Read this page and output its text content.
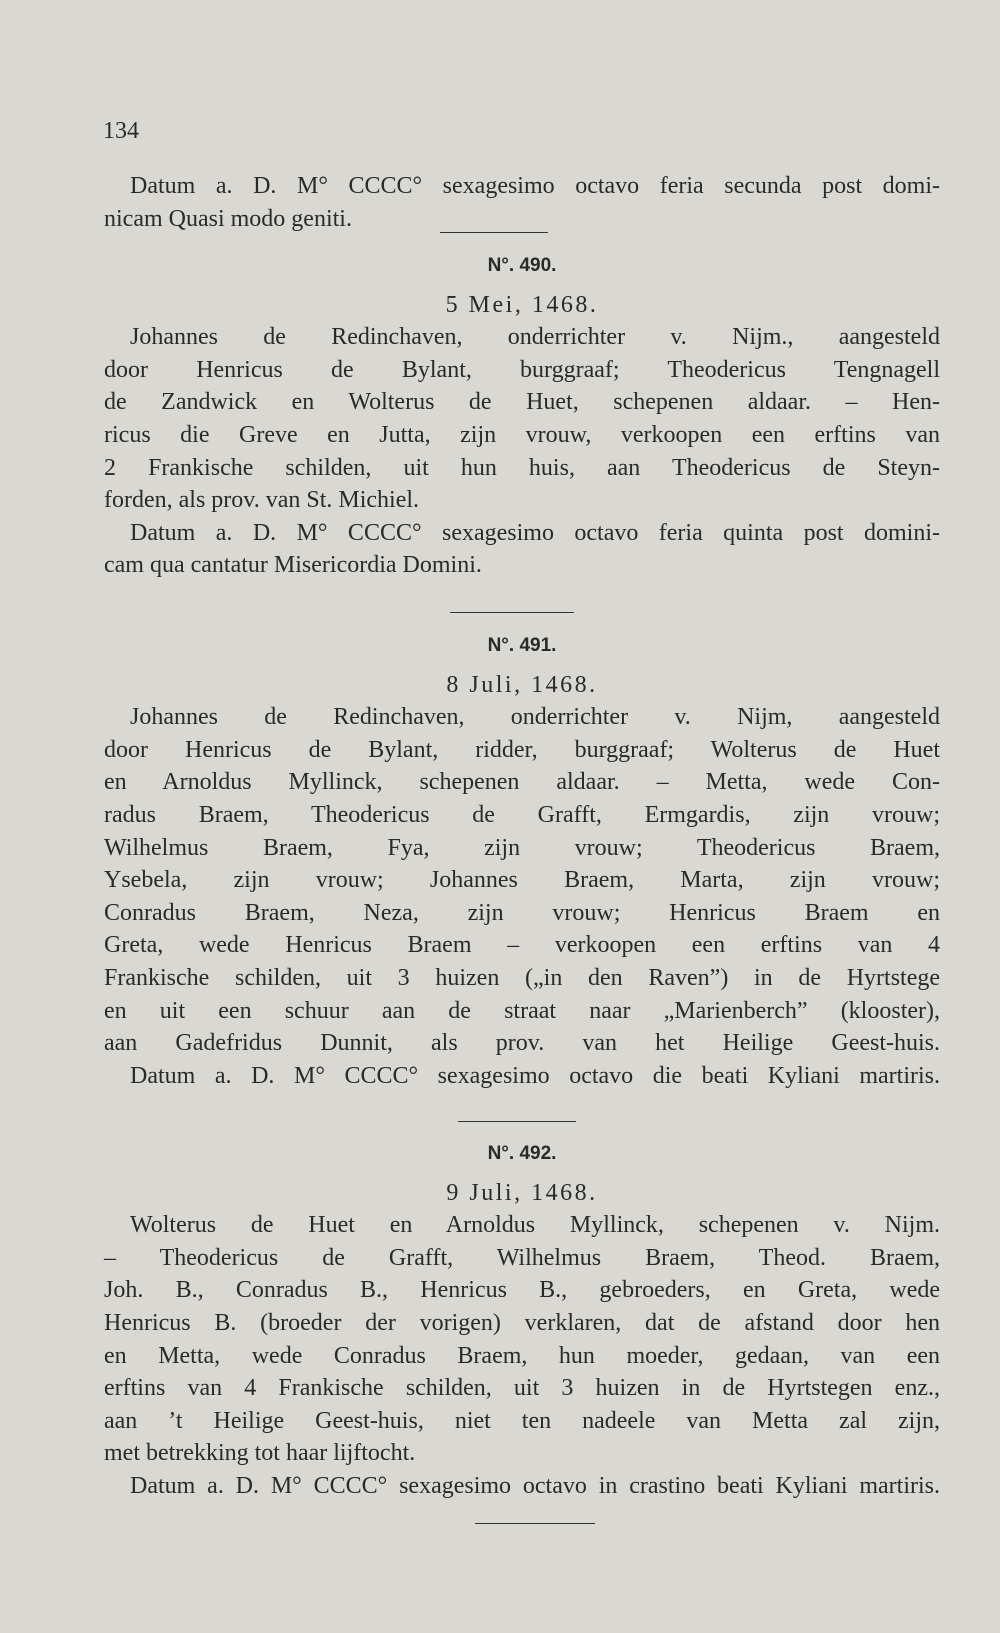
134

Datum a. D. M° CCCC° sexagesimo octavo feria secunda post domi-

nicam Quasi modo geniti.

N°. 490.

5 Mei, 1468.

Johannes de Redinchaven, onderrichter v. Nijm., aangesteld

door Henricus de Bylant, burggraaf; Theodericus Tengnagell

de Zandwick en Wolterus de Huet, schepenen aldaar. – Hen-

ricus die Greve en Jutta, zijn vrouw, verkoopen een erftins van

2 Frankische schilden, uit hun huis, aan Theodericus de Steyn-

forden, als prov. van St. Michiel.

Datum a. D. M° CCCC° sexagesimo octavo feria quinta post domini-

cam qua cantatur Misericordia Domini.

N°. 491.

8 Juli, 1468.

Johannes de Redinchaven, onderrichter v. Nijm, aangesteld

door Henricus de Bylant, ridder, burggraaf; Wolterus de Huet

en Arnoldus Myllinck, schepenen aldaar. – Metta, wede Con-

radus Braem, Theodericus de Grafft, Ermgardis, zijn vrouw;

Wilhelmus Braem, Fya, zijn vrouw; Theodericus Braem,

Ysebela, zijn vrouw; Johannes Braem, Marta, zijn vrouw;

Conradus Braem, Neza, zijn vrouw; Henricus Braem en

Greta, wede Henricus Braem – verkoopen een erftins van 4

Frankische schilden, uit 3 huizen („in den Raven”) in de Hyrtstege

en uit een schuur aan de straat naar „Marienberch” (klooster),

aan Gadefridus Dunnit, als prov. van het Heilige Geest-huis.

Datum a. D. M° CCCC° sexagesimo octavo die beati Kyliani martiris.

N°. 492.

9 Juli, 1468.

Wolterus de Huet en Arnoldus Myllinck, schepenen v. Nijm.

– Theodericus de Grafft, Wilhelmus Braem, Theod. Braem,

Joh. B., Conradus B., Henricus B., gebroeders, en Greta, wede

Henricus B. (broeder der vorigen) verklaren, dat de afstand door hen

en Metta, wede Conradus Braem, hun moeder, gedaan, van een

erftins van 4 Frankische schilden, uit 3 huizen in de Hyrtstegen enz.,

aan ’t Heilige Geest-huis, niet ten nadeele van Metta zal zijn,

met betrekking tot haar lijftocht.

Datum a. D. M° CCCC° sexagesimo octavo in crastino beati Kyliani martiris.
